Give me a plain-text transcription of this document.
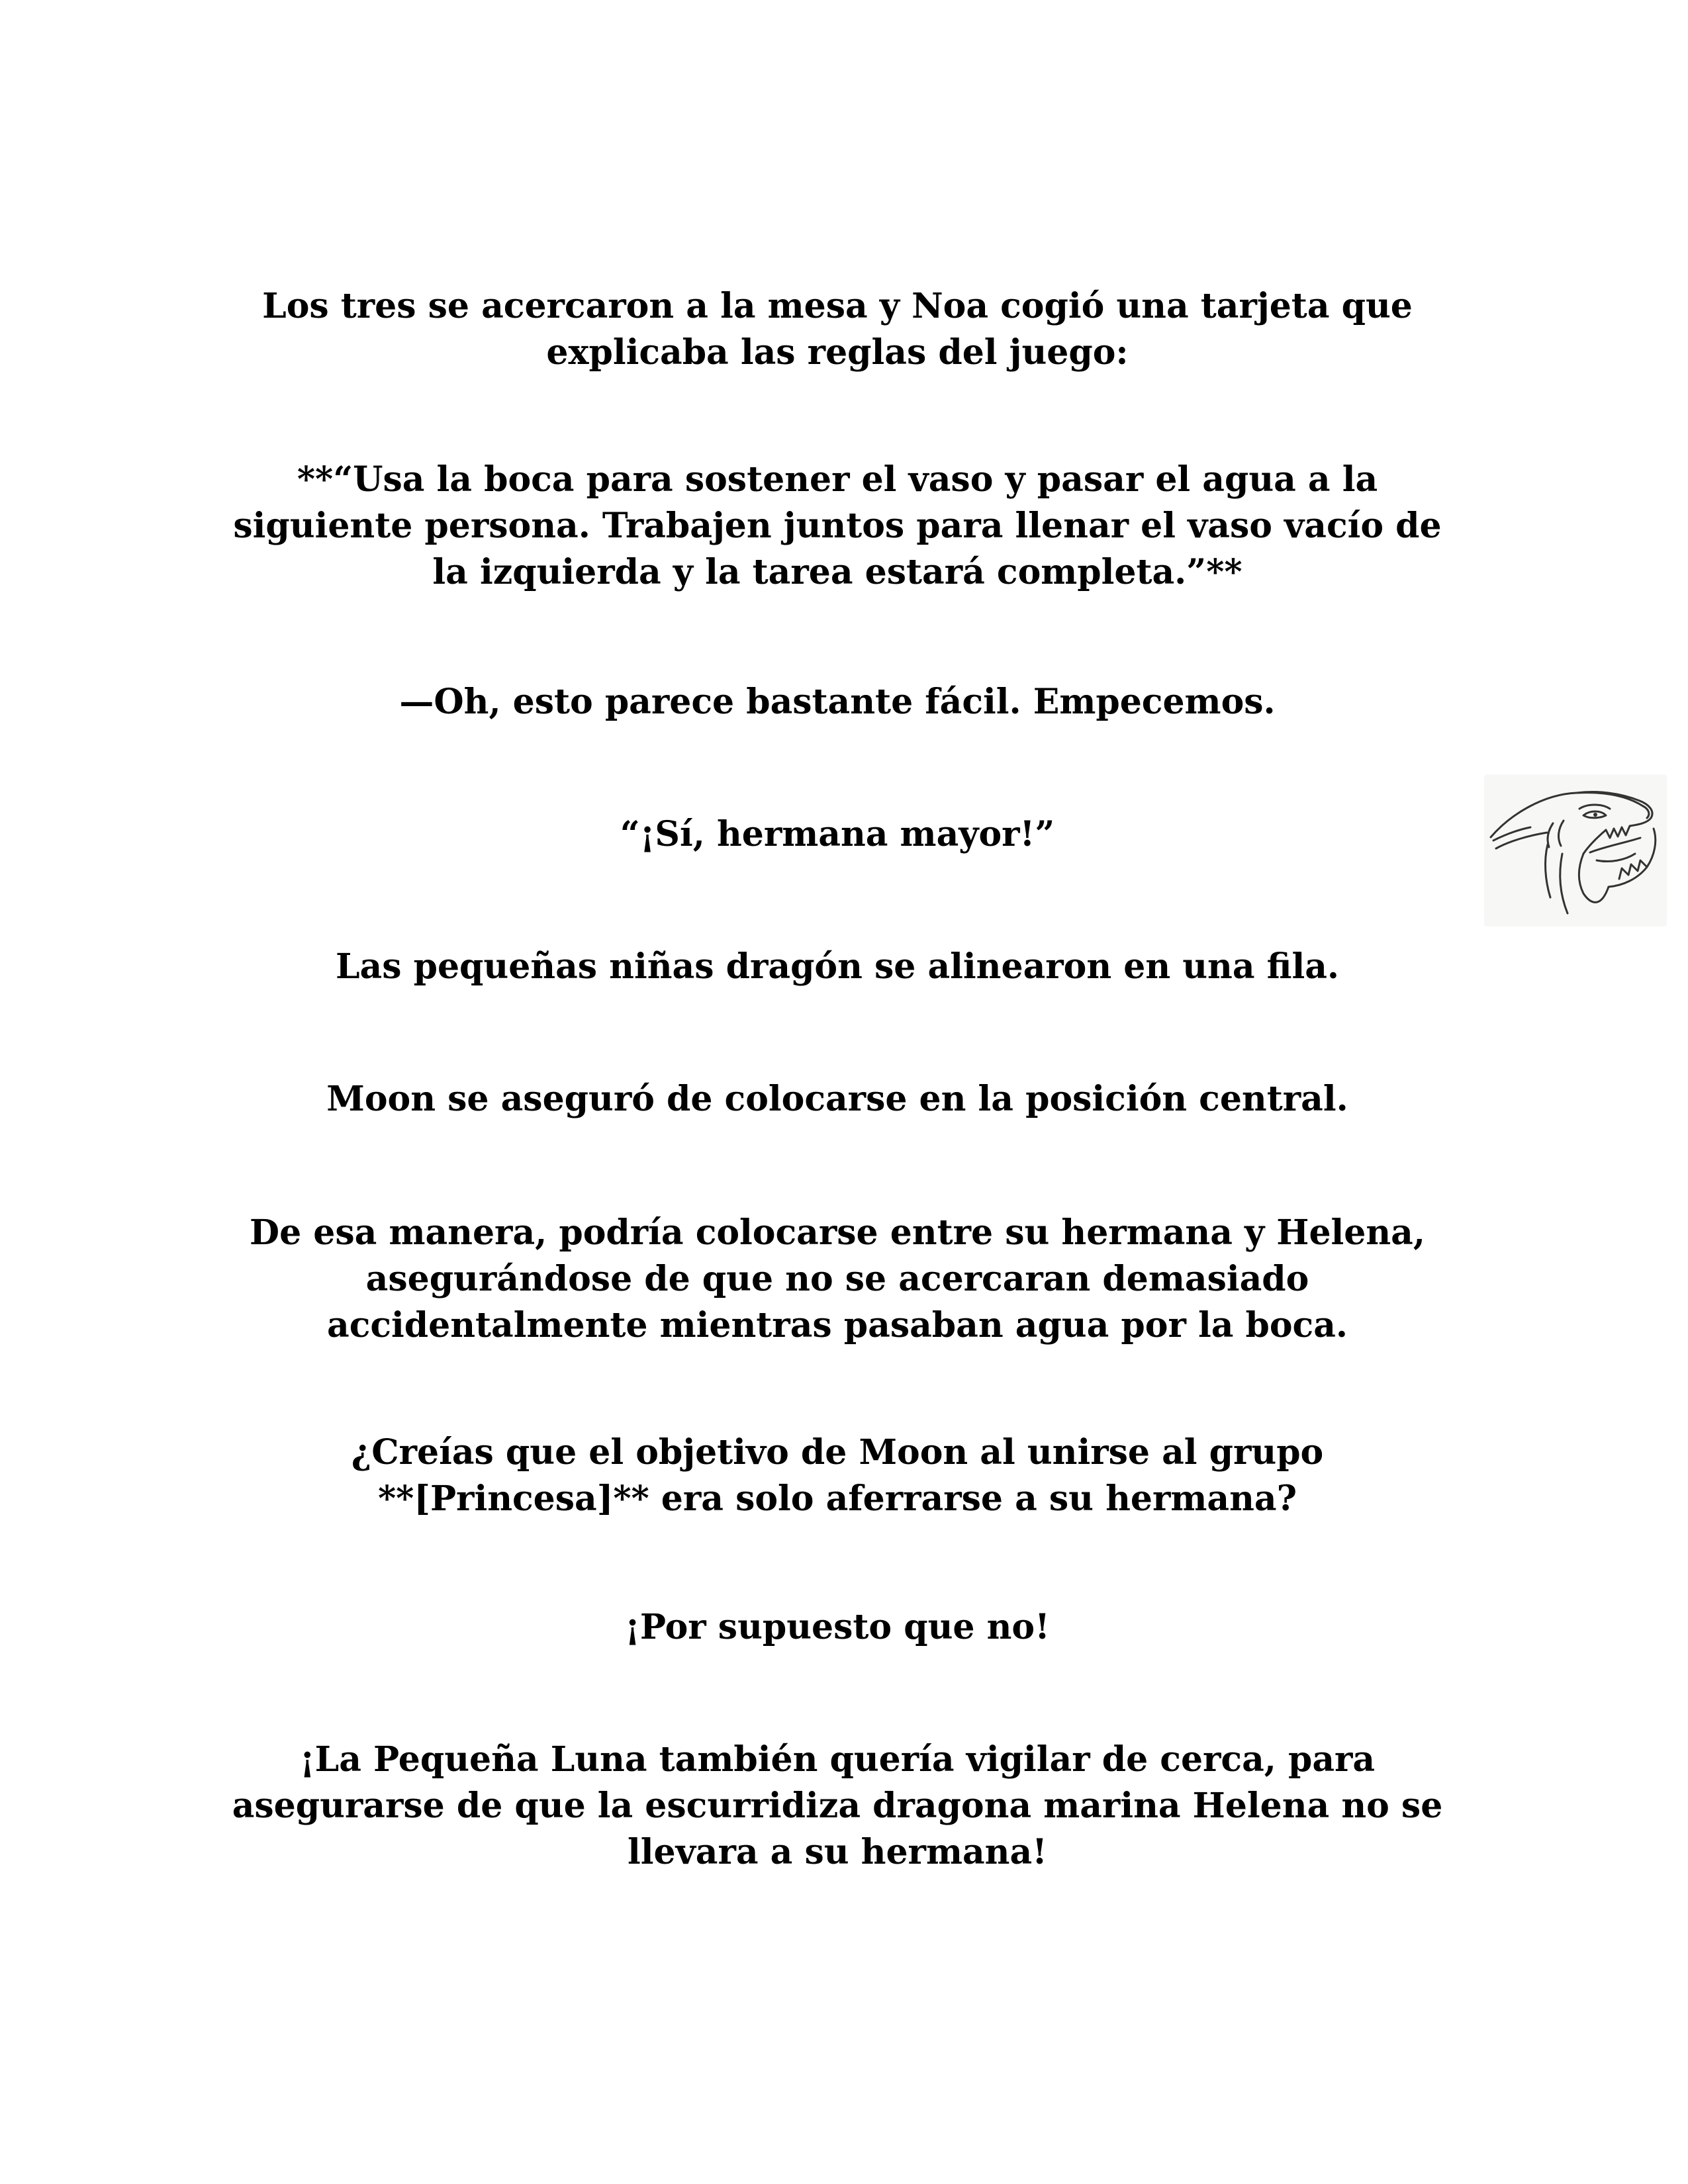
Los tres se acercaron a la mesa y Noa cogió una tarjeta que
explicaba las reglas del juego:

**“Usa la boca para sostener el vaso y pasar el agua a la
siguiente persona. Trabajen juntos para llenar el vaso vacío de
la izquierda y la tarea estará completa.”**

—Oh, esto parece bastante fácil. Empecemos.

“¡Sí, hermana mayor!”

Las pequeñas niñas dragón se alinearon en una fila.

Moon se aseguró de colocarse en la posición central.

De esa manera, podría colocarse entre su hermana y Helena,
asegurándose de que no se acercaran demasiado
accidentalmente mientras pasaban agua por la boca.

¿Creías que el objetivo de Moon al unirse al grupo
**[Princesa]** era solo aferrarse a su hermana?

¡Por supuesto que no!

¡La Pequeña Luna también quería vigilar de cerca, para
asegurarse de que la escurridiza dragona marina Helena no se
llevara a su hermana!
